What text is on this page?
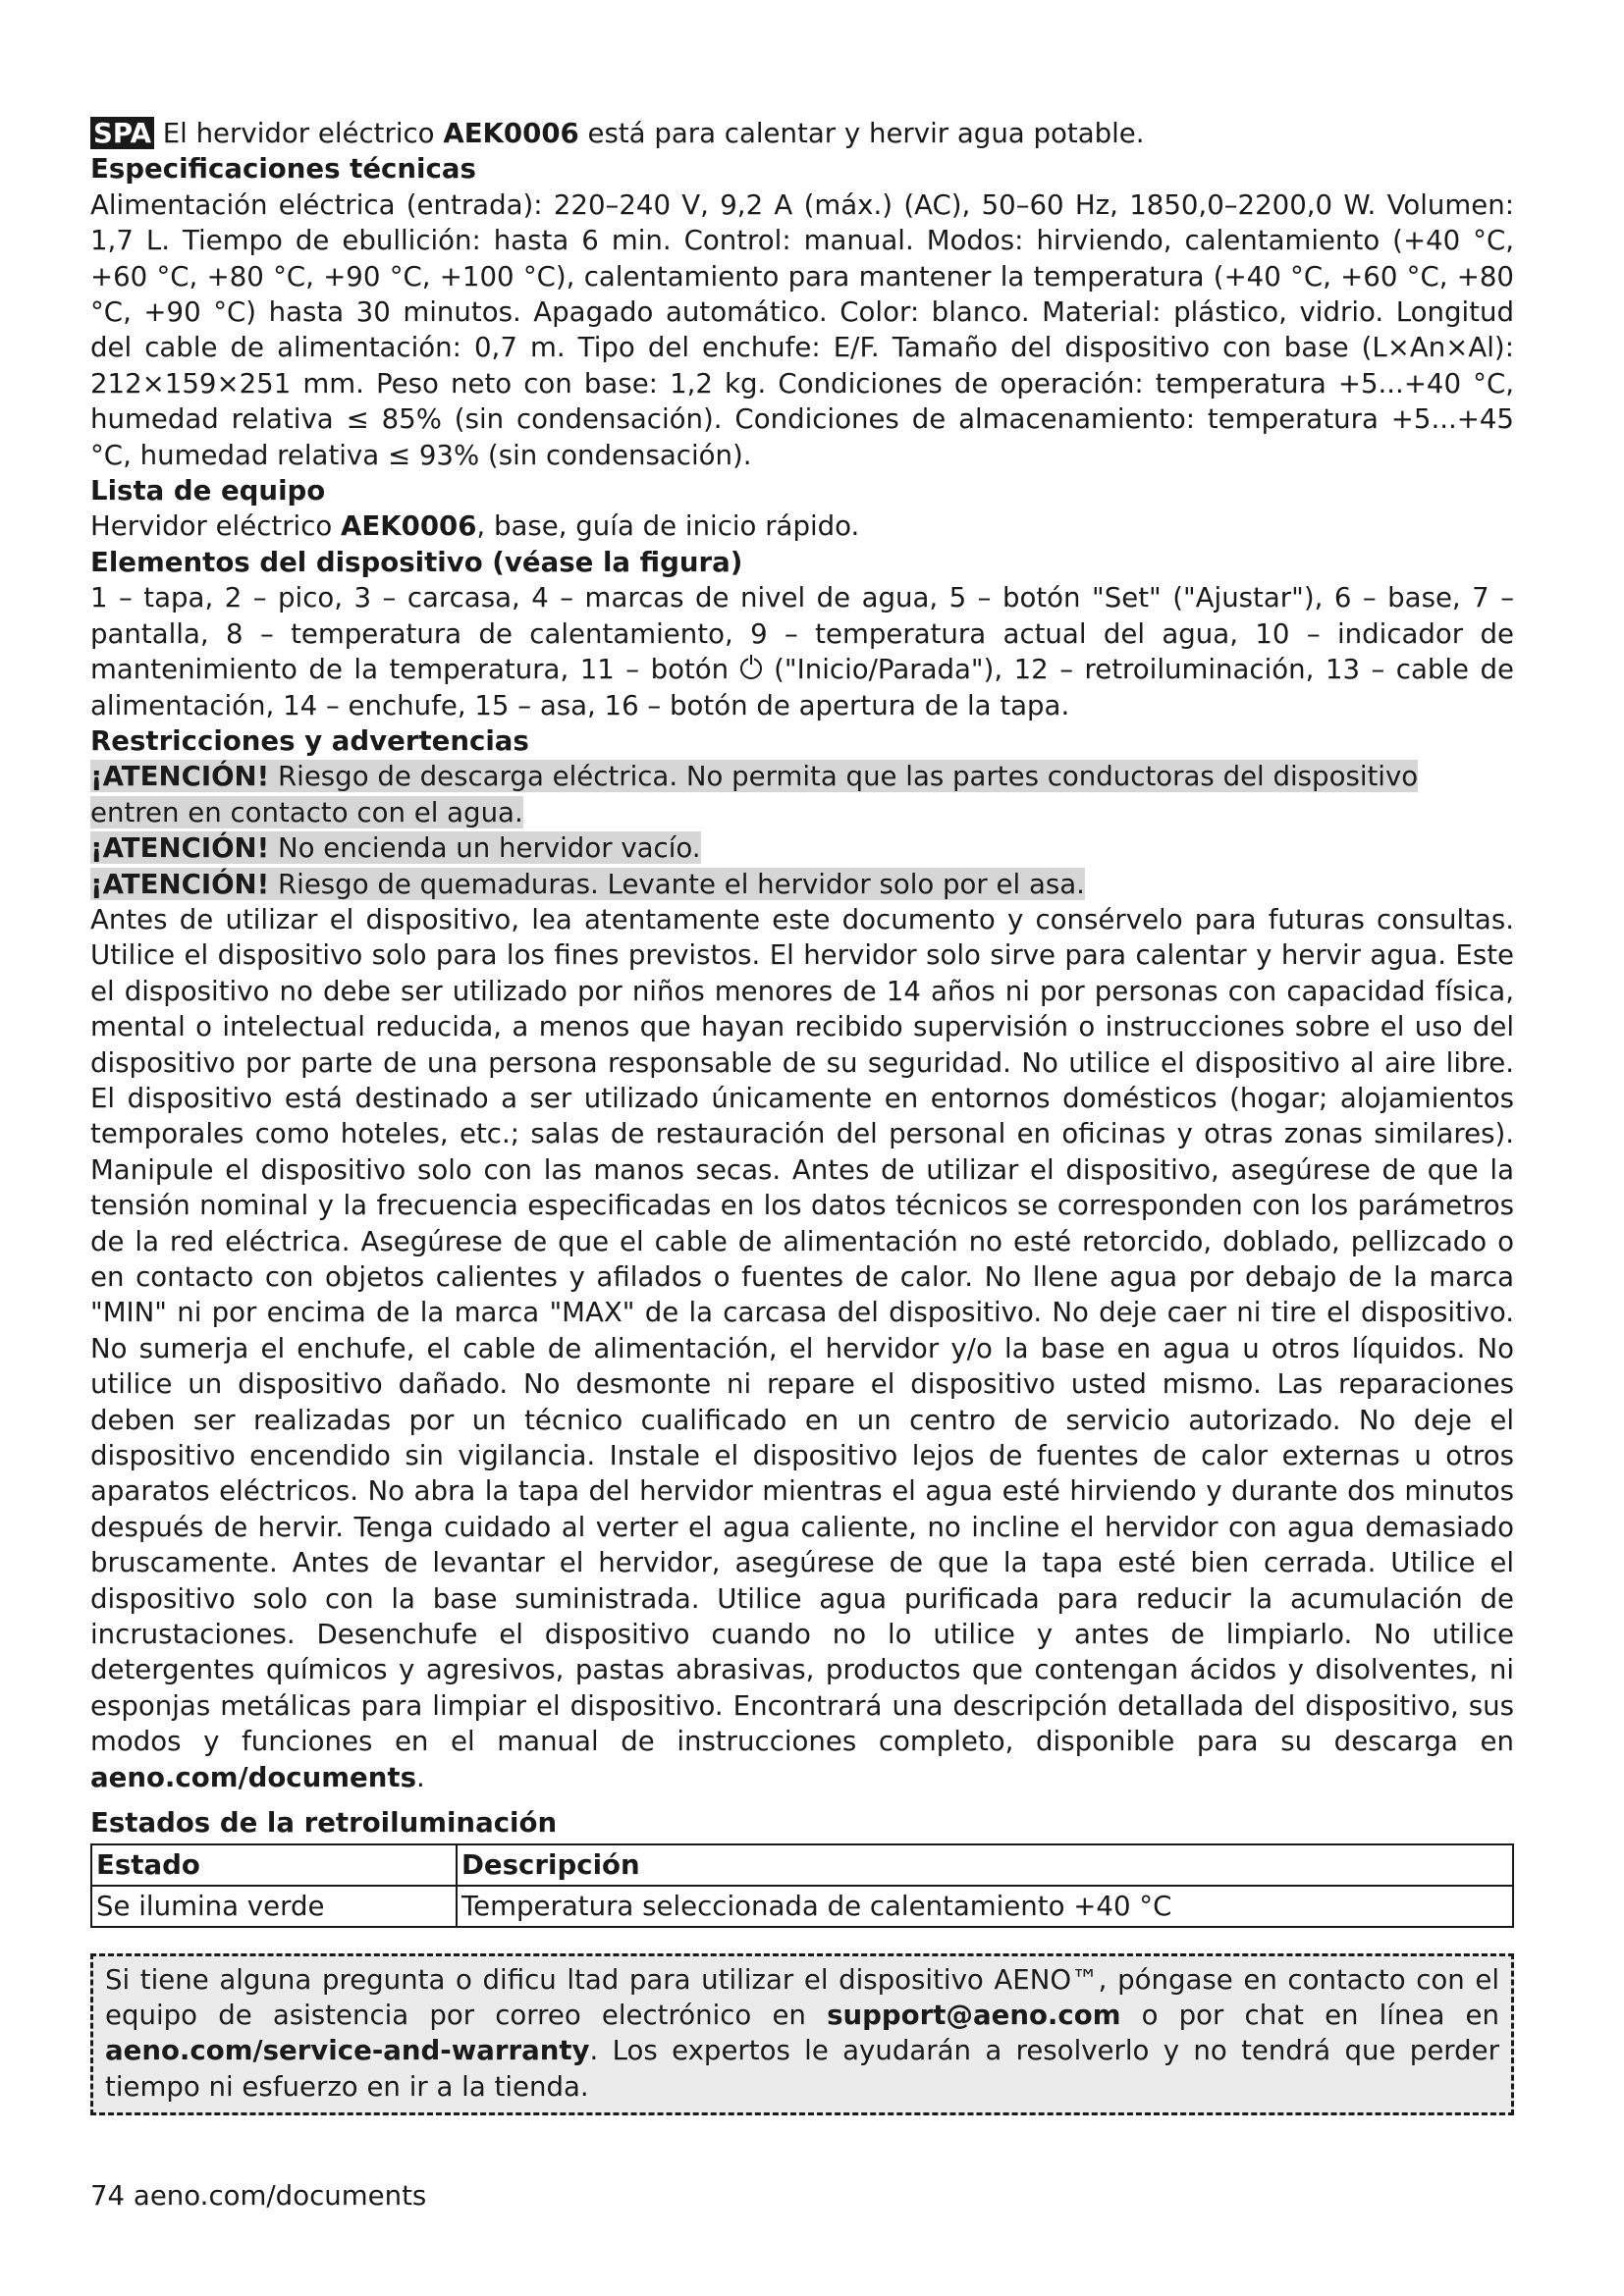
SPA El hervidor eléctrico AEK0006 está para calentar y hervir agua potable.

Especificaciones técnicas

Alimentación eléctrica (entrada): 220–240 V, 9,2 A (máx.) (AC), 50–60 Hz, 1850,0–2200,0 W. Volumen: 1,7 L. Tiempo de ebullición: hasta 6 min. Control: manual. Modos: hirviendo, calentamiento (+40 °C, +60 °C, +80 °C, +90 °C, +100 °C), calentamiento para mantener la temperatura (+40 °C, +60 °C, +80 °C, +90 °C) hasta 30 minutos. Apagado automático. Color: blanco. Material: plástico, vidrio. Longitud del cable de alimentación: 0,7 m. Tipo del enchufe: E/F. Tamaño del dispositivo con base (L×An×Al): 212×159×251 mm. Peso neto con base: 1,2 kg. Condiciones de operación: temperatura +5...+40 °C, humedad relativa ≤ 85% (sin condensación). Condiciones de almacenamiento: temperatura +5...+45 °C, humedad relativa ≤ 93% (sin condensación).

Lista de equipo

Hervidor eléctrico AEK0006, base, guía de inicio rápido.

Elementos del dispositivo (véase la figura)

1 – tapa, 2 – pico, 3 – carcasa, 4 – marcas de nivel de agua, 5 – botón "Set" ("Ajustar"), 6 – base, 7 – pantalla, 8 – temperatura de calentamiento, 9 – temperatura actual del agua, 10 – indicador de mantenimiento de la temperatura, 11 – botón  ("Inicio/Parada"), 12 – retroiluminación, 13 – cable de alimentación, 14 – enchufe, 15 – asa, 16 – botón de apertura de la tapa.

Restricciones y advertencias

¡ATENCIÓN! Riesgo de descarga eléctrica. No permita que las partes conductoras del dispositivo entren en contacto con el agua.

¡ATENCIÓN! No encienda un hervidor vacío.

¡ATENCIÓN! Riesgo de quemaduras. Levante el hervidor solo por el asa.

Antes de utilizar el dispositivo, lea atentamente este documento y consérvelo para futuras consultas. Utilice el dispositivo solo para los fines previstos. El hervidor solo sirve para calentar y hervir agua. Este el dispositivo no debe ser utilizado por niños menores de 14 años ni por personas con capacidad física, mental o intelectual reducida, a menos que hayan recibido supervisión o instrucciones sobre el uso del dispositivo por parte de una persona responsable de su seguridad. No utilice el dispositivo al aire libre. El dispositivo está destinado a ser utilizado únicamente en entornos domésticos (hogar; alojamientos temporales como hoteles, etc.; salas de restauración del personal en oficinas y otras zonas similares). Manipule el dispositivo solo con las manos secas. Antes de utilizar el dispositivo, asegúrese de que la tensión nominal y la frecuencia especificadas en los datos técnicos se corresponden con los parámetros de la red eléctrica. Asegúrese de que el cable de alimentación no esté retorcido, doblado, pellizcado o en contacto con objetos calientes y afilados o fuentes de calor. No llene agua por debajo de la marca "MIN" ni por encima de la marca "MAX" de la carcasa del dispositivo. No deje caer ni tire el dispositivo. No sumerja el enchufe, el cable de alimentación, el hervidor y/o la base en agua u otros líquidos. No utilice un dispositivo dañado. No desmonte ni repare el dispositivo usted mismo. Las reparaciones deben ser realizadas por un técnico cualificado en un centro de servicio autorizado. No deje el dispositivo encendido sin vigilancia. Instale el dispositivo lejos de fuentes de calor externas u otros aparatos eléctricos. No abra la tapa del hervidor mientras el agua esté hirviendo y durante dos minutos después de hervir. Tenga cuidado al verter el agua caliente, no incline el hervidor con agua demasiado bruscamente. Antes de levantar el hervidor, asegúrese de que la tapa esté bien cerrada. Utilice el dispositivo solo con la base suministrada. Utilice agua purificada para reducir la acumulación de incrustaciones. Desenchufe el dispositivo cuando no lo utilice y antes de limpiarlo. No utilice detergentes químicos y agresivos, pastas abrasivas, productos que contengan ácidos y disolventes, ni esponjas metálicas para limpiar el dispositivo. Encontrará una descripción detallada del dispositivo, sus modos y funciones en el manual de instrucciones completo, disponible para su descarga en aeno.com/documents.

Estados de la retroiluminación

Estado	Descripción
Se ilumina verde	Temperatura seleccionada de calentamiento +40 °C

Si tiene alguna pregunta o dificu ltad para utilizar el dispositivo AENO™, póngase en contacto con el equipo de asistencia por correo electrónico en support@aeno.com o por chat en línea en aeno.com/service-and-warranty. Los expertos le ayudarán a resolverlo y no tendrá que perder tiempo ni esfuerzo en ir a la tienda.

74 aeno.com/documents
